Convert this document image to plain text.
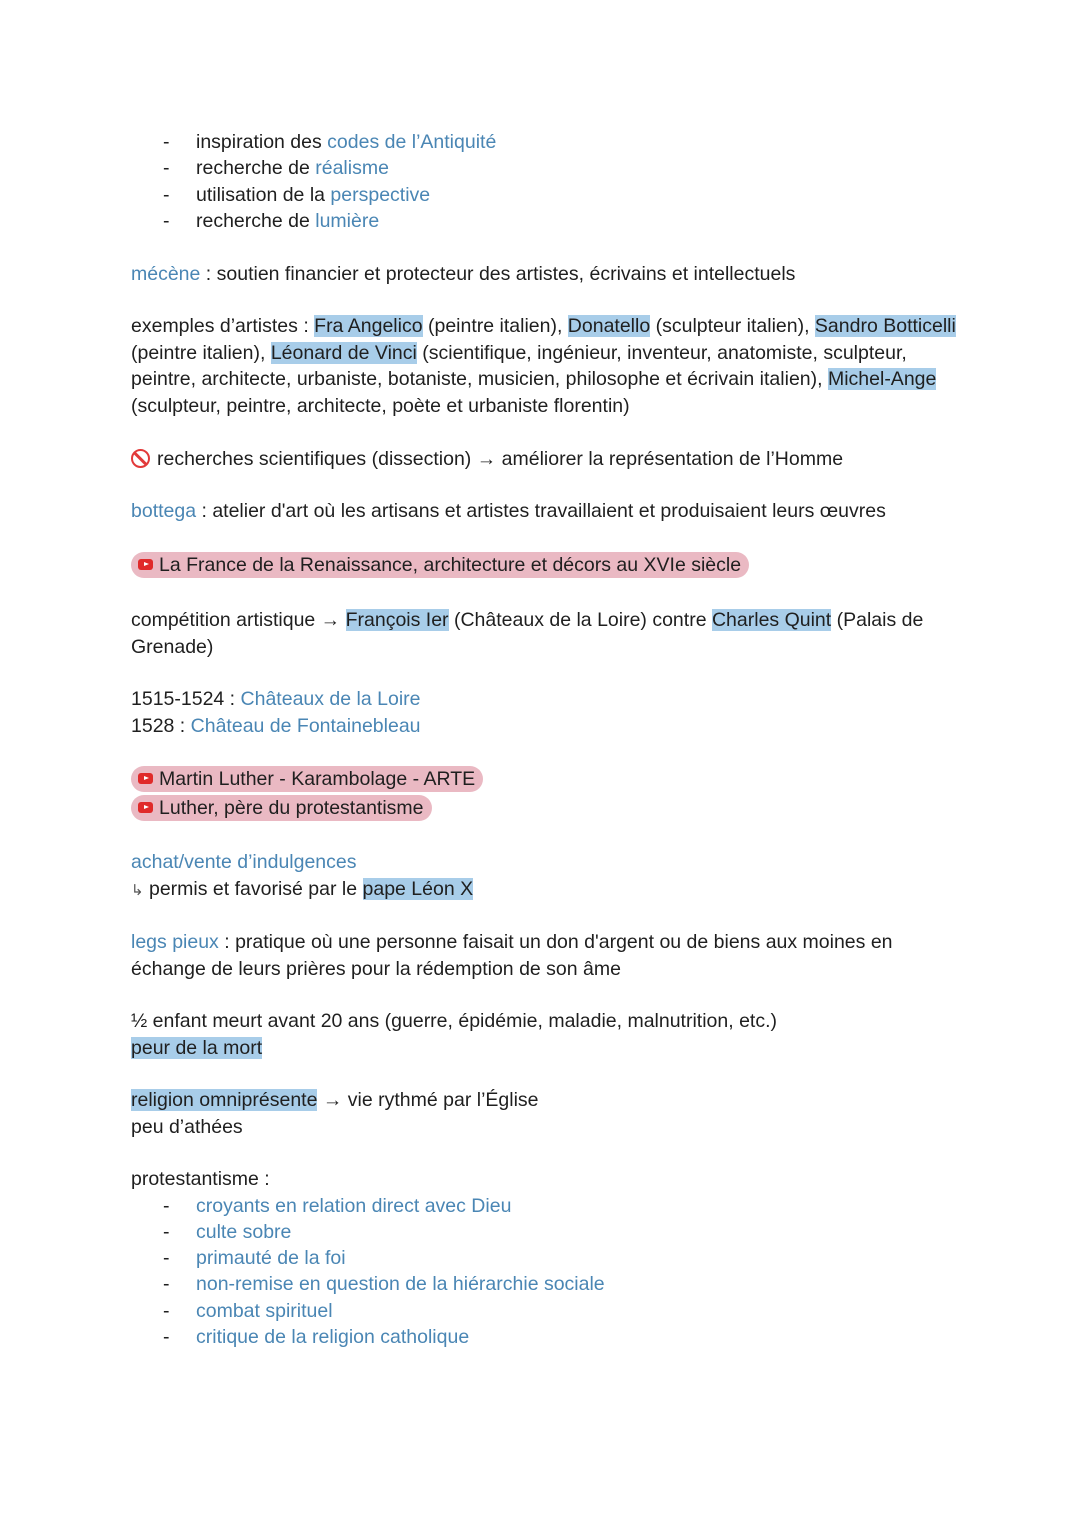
- inspiration des codes de l’Antiquité
- recherche de réalisme
- utilisation de la perspective
- recherche de lumière
mécène : soutien financier et protecteur des artistes, écrivains et intellectuels
exemples d’artistes : Fra Angelico (peintre italien), Donatello (sculpteur italien), Sandro Botticelli (peintre italien), Léonard de Vinci (scientifique, ingénieur, inventeur, anatomiste, sculpteur, peintre, architecte, urbaniste, botaniste, musicien, philosophe et écrivain italien), Michel-Ange (sculpteur, peintre, architecte, poète et urbaniste florentin)
recherches scientifiques (dissection) → améliorer la représentation de l’Homme
bottega : atelier d'art où les artisans et artistes travaillaient et produisaient leurs œuvres
La France de la Renaissance, architecture et décors au XVIe siècle
compétition artistique → François Ier (Châteaux de la Loire) contre Charles Quint (Palais de Grenade)
1515-1524 : Châteaux de la Loire
1528 : Château de Fontainebleau
Martin Luther - Karambolage - ARTE
Luther, père du protestantisme
achat/vente d’indulgences
↳ permis et favorisé par le pape Léon X
legs pieux : pratique où une personne faisait un don d'argent ou de biens aux moines en échange de leurs prières pour la rédemption de son âme
½ enfant meurt avant 20 ans (guerre, épidémie, maladie, malnutrition, etc.)
peur de la mort
religion omniprésente → vie rythmé par l’Église
peu d’athées
protestantisme :
- croyants en relation direct avec Dieu
- culte sobre
- primauté de la foi
- non-remise en question de la hiérarchie sociale
- combat spirituel
- critique de la religion catholique
